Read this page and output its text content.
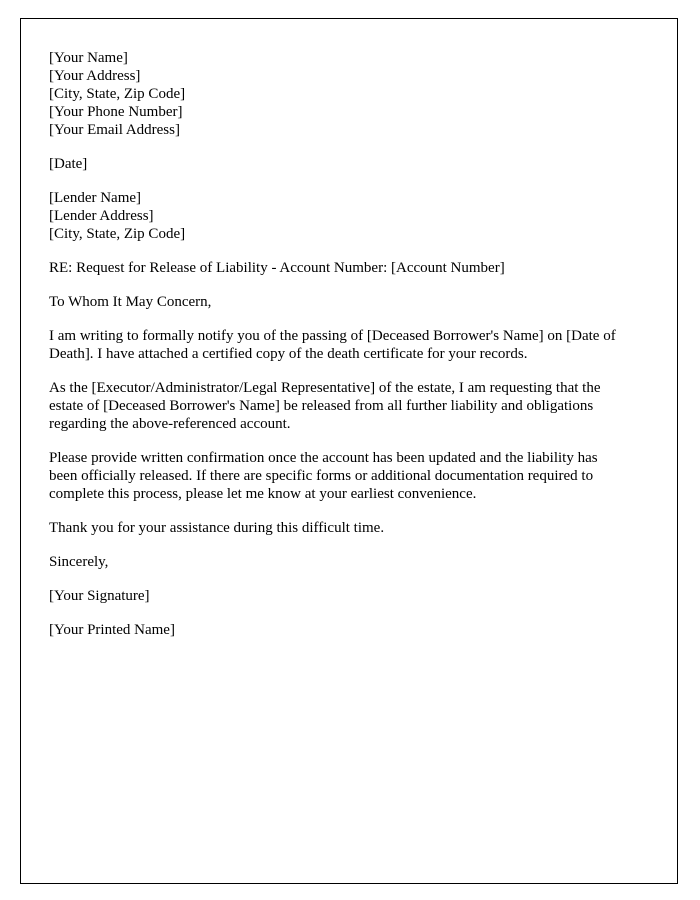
[Your Name]
[Your Address]
[City, State, Zip Code]
[Your Phone Number]
[Your Email Address]
[Date]
[Lender Name]
[Lender Address]
[City, State, Zip Code]

RE: Request for Release of Liability - Account Number: [Account Number]

To Whom It May Concern,

I am writing to formally notify you of the passing of [Deceased Borrower's Name] on [Date of Death]. I have attached a certified copy of the death certificate for your records.

As the [Executor/Administrator/Legal Representative] of the estate, I am requesting that the estate of [Deceased Borrower's Name] be released from all further liability and obligations regarding the above-referenced account.

Please provide written confirmation once the account has been updated and the liability has been officially released. If there are specific forms or additional documentation required to complete this process, please let me know at your earliest convenience.

Thank you for your assistance during this difficult time.

Sincerely,

[Your Signature]

[Your Printed Name]
